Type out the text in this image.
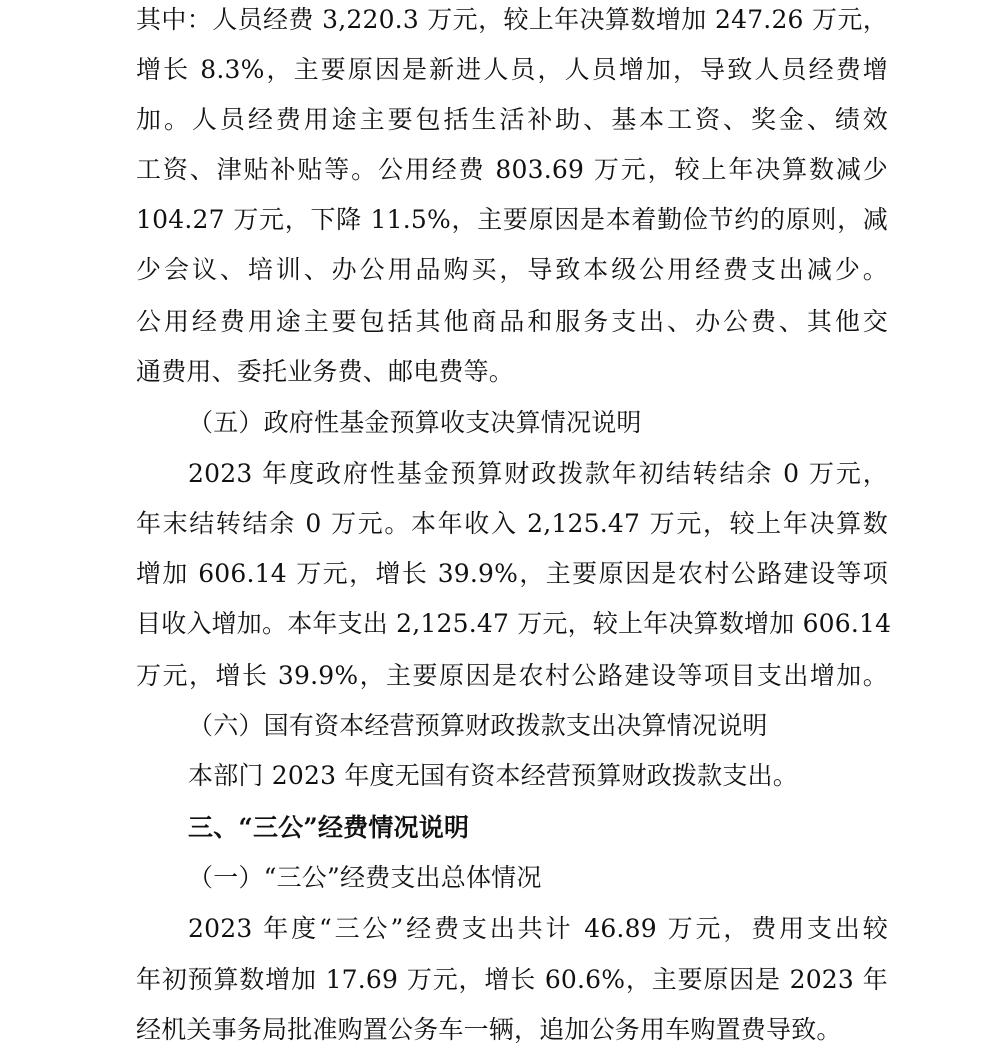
其中：人员经费 3,220.3 万元，较上年决算数增加 247.26 万元，
增长 8.3%，主要原因是新进人员，人员增加，导致人员经费增
加。人员经费用途主要包括生活补助、基本工资、奖金、绩效
工资、津贴补贴等。公用经费 803.69 万元，较上年决算数减少
104.27 万元，下降 11.5%，主要原因是本着勤俭节约的原则，减
少会议、培训、办公用品购买，导致本级公用经费支出减少。
公用经费用途主要包括其他商品和服务支出、办公费、其他交
通费用、委托业务费、邮电费等。
（五）政府性基金预算收支决算情况说明
2023 年度政府性基金预算财政拨款年初结转结余 0 万元，
年末结转结余 0 万元。本年收入 2,125.47 万元，较上年决算数
增加 606.14 万元，增长 39.9%，主要原因是农村公路建设等项
目收入增加。本年支出 2,125.47 万元，较上年决算数增加 606.14
万元，增长 39.9%，主要原因是农村公路建设等项目支出增加。
（六）国有资本经营预算财政拨款支出决算情况说明
本部门 2023 年度无国有资本经营预算财政拨款支出。
三、“三公”经费情况说明
（一）“三公”经费支出总体情况
2023 年度“三公”经费支出共计 46.89 万元，费用支出较
年初预算数增加 17.69 万元，增长 60.6%，主要原因是 2023 年
经机关事务局批准购置公务车一辆，追加公务用车购置费导致。
